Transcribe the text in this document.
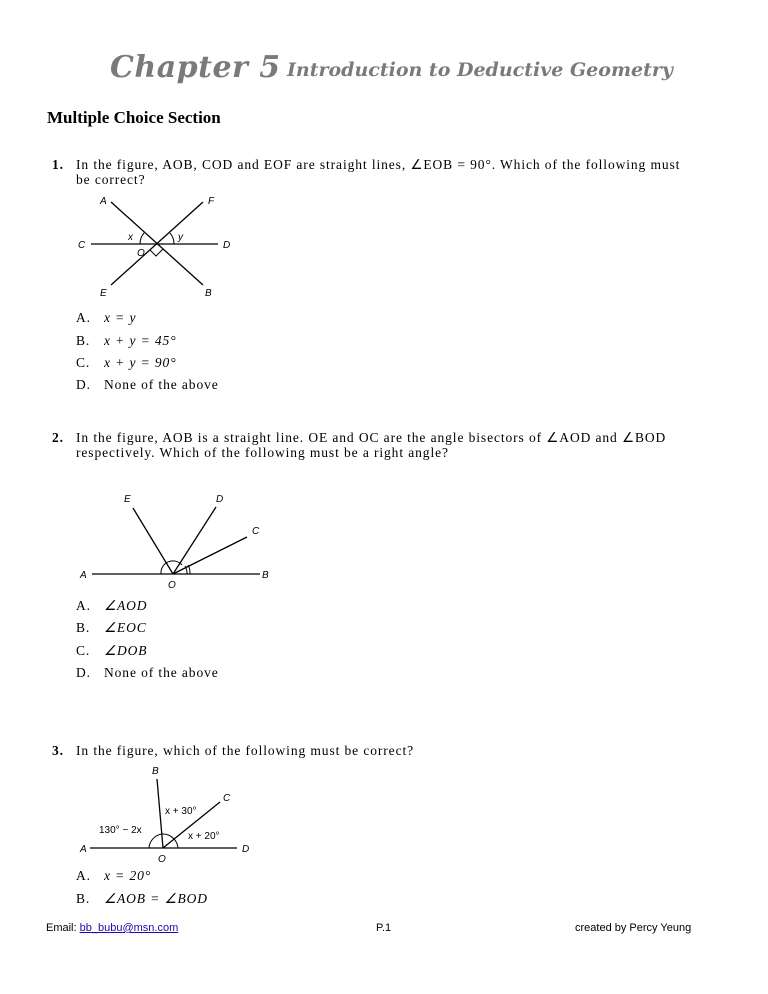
Chapter 5 Introduction to Deductive Geometry
Multiple Choice Section
1. In the figure, AOB, COD and EOF are straight lines, ∠EOB = 90°. Which of the following must
be correct?
A	F
C	D
O
x	y
E	B
A. x = y
B. x + y = 45°
C. x + y = 90°
D. None of the above
2. In the figure, AOB is a straight line. OE and OC are the angle bisectors of ∠AOD and ∠BOD
respectively. Which of the following must be a right angle?
E	D
C
A
O
B
A. ∠AOD
B. ∠EOC
C. ∠DOB
D. None of the above
3. In the figure, which of the following must be correct?
B
C
x + 30°
130° − 2x
x + 20°
A
O
D
A. x = 20°
B. ∠AOB = ∠BOD
Email: bb_bubu@msn.com	P.1	created by Percy Yeung
